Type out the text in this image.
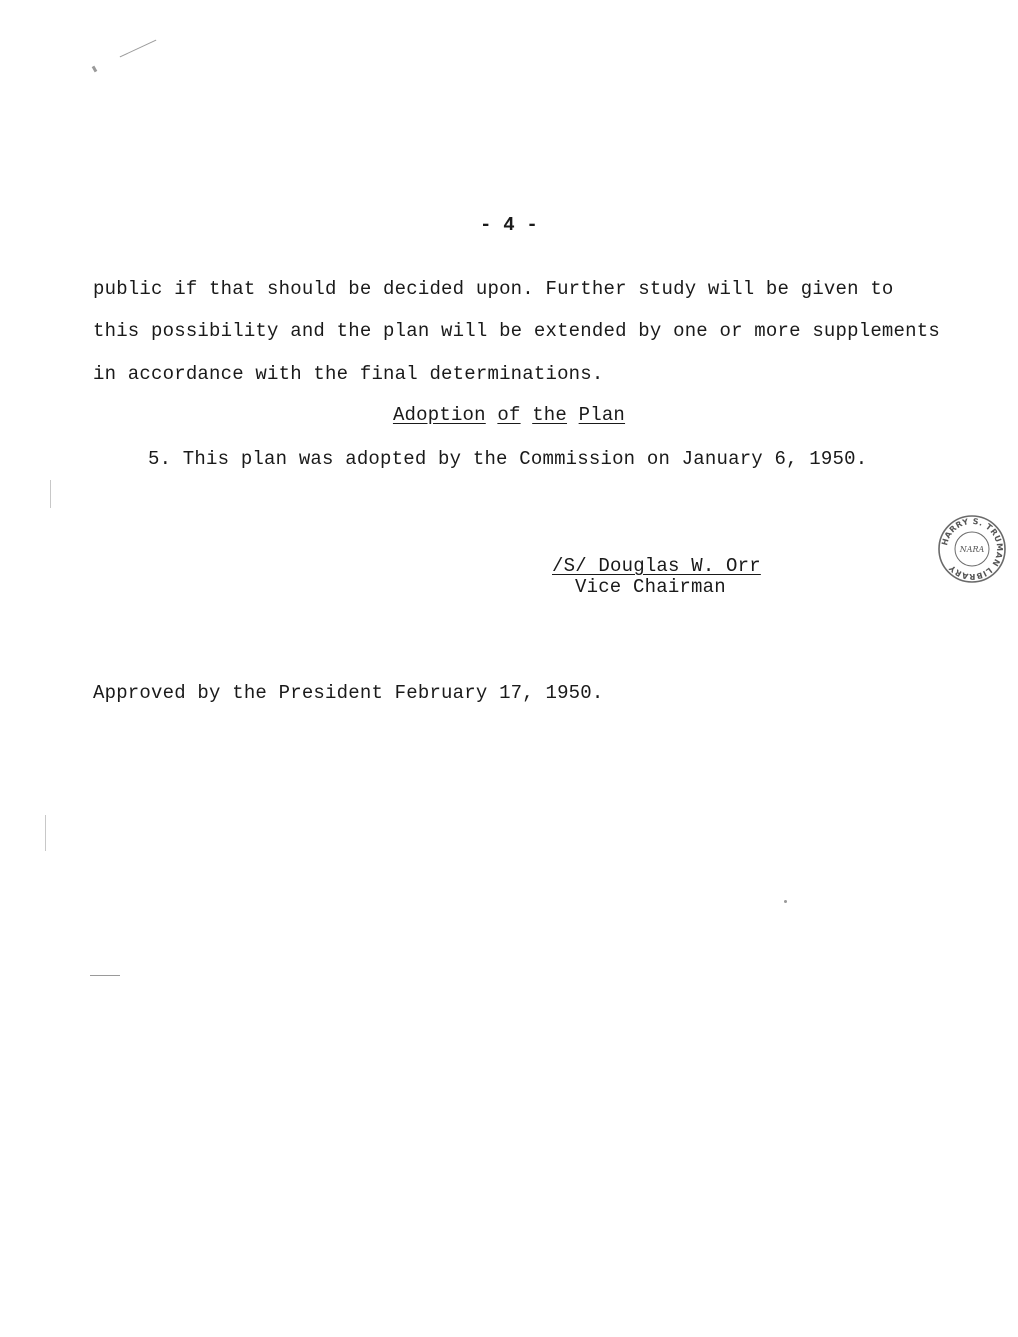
- 4 -
public if that should be decided upon. Further study will be given to
this possibility and the plan will be extended by one or more supplements
in accordance with the final determinations.
Adoption of the Plan
5. This plan was adopted by the Commission on January 6, 1950.
/S/ Douglas W. Orr
Vice Chairman
Approved by the President February 17, 1950.
HARRY S. TRUMAN LIBRARY
NARA
